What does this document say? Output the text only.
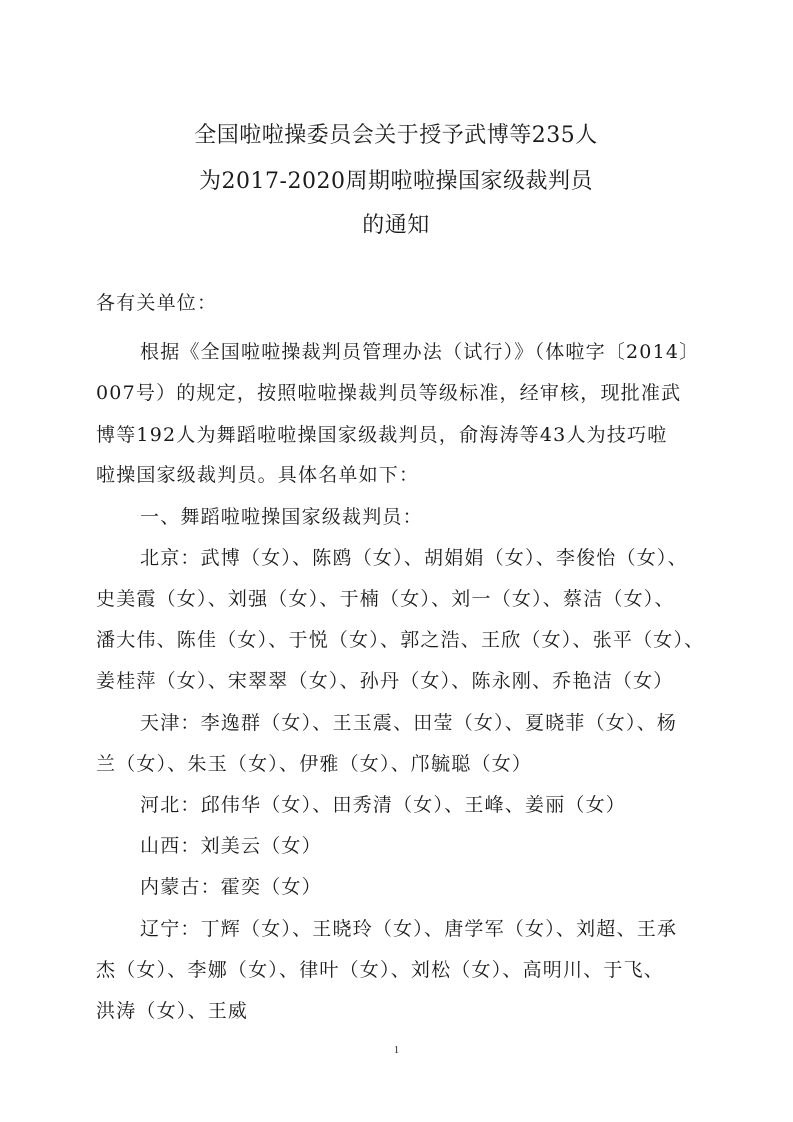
全国啦啦操委员会关于授予武博等235人
为2017-2020周期啦啦操国家级裁判员
的通知
各有关单位：
根据《全国啦啦操裁判员管理办法（试行）》（体啦字〔2014〕
007号）的规定，按照啦啦操裁判员等级标准，经审核，现批准武
博等192人为舞蹈啦啦操国家级裁判员，俞海涛等43人为技巧啦
啦操国家级裁判员。具体名单如下：
一、舞蹈啦啦操国家级裁判员：
北京：武博（女）、陈鸥（女）、胡娟娟（女）、李俊怡（女）、
史美霞（女）、刘强（女）、于楠（女）、刘一（女）、蔡洁（女）、
潘大伟、陈佳（女）、于悦（女）、郭之浩、王欣（女）、张平（女）、
姜桂萍（女）、宋翠翠（女）、孙丹（女）、陈永刚、乔艳洁（女）
天津：李逸群（女）、王玉震、田莹（女）、夏晓菲（女）、杨
兰（女）、朱玉（女）、伊雅（女）、邝毓聪（女）
河北：邱伟华（女）、田秀清（女）、王峰、姜丽（女）
山西：刘美云（女）
内蒙古：霍奕（女）
辽宁：丁辉（女）、王晓玲（女）、唐学军（女）、刘超、王承
杰（女）、李娜（女）、律叶（女）、刘松（女）、高明川、于飞、
洪涛（女）、王威
1
